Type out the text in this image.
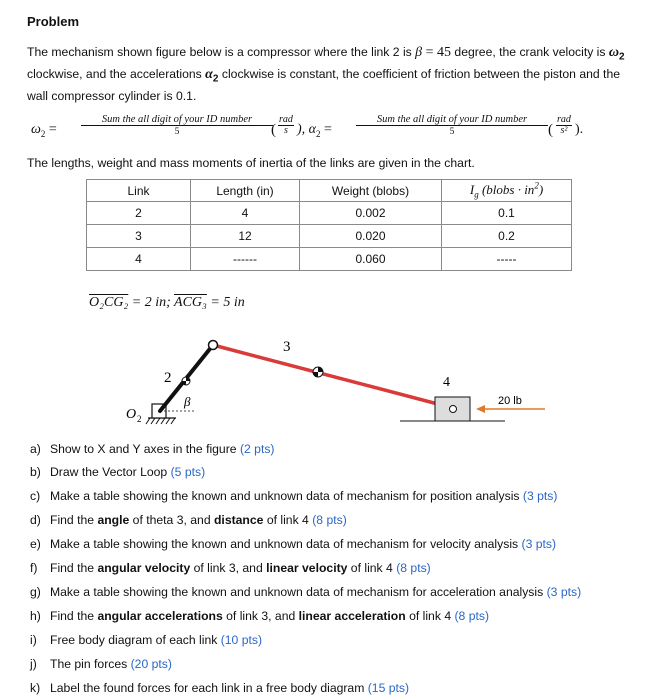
Problem
The mechanism shown figure below is a compressor where the link 2 is β = 45 degree, the crank velocity is $\omega_2$ clockwise, and the accelerations $\alpha_2$ clockwise is constant, the coefficient of friction between the piston and the wall compressor cylinder is 0.1.
$\omega_2$ =
Sum the all digit of your ID number
5	(
rad
s ), $\alpha_2$ =
Sum the all digit of your ID number
5	(
rad
s² ).
The lengths, weight and mass moments of inertia of the links are given in the chart.
Link	Length (in)	Weight (blobs)	$I_g$ (blobs · $in^2$)
2	4	0.002	0.1
3	12	0.020	0.2
4	------	0.060	-----
O₂CG₂ = 2 in; ACG₃ = 5 in
3
2	4
O 2
β	20 lb
a) Show to X and Y axes in the figure (2 pts)
b) Draw the Vector Loop (5 pts)
c) Make a table showing the known and unknown data of mechanism for position analysis (3 pts)
d) Find the angle of theta 3, and distance of link 4 (8 pts)
e) Make a table showing the known and unknown data of mechanism for velocity analysis (3 pts)
f) Find the angular velocity of link 3, and linear velocity of link 4 (8 pts)
g) Make a table showing the known and unknown data of mechanism for acceleration analysis (3 pts)
h) Find the angular accelerations of link 3, and linear acceleration of link 4 (8 pts)
i) Free body diagram of each link (10 pts)
j) The pin forces (20 pts)
k) Label the found forces for each link in a free body diagram (15 pts)
